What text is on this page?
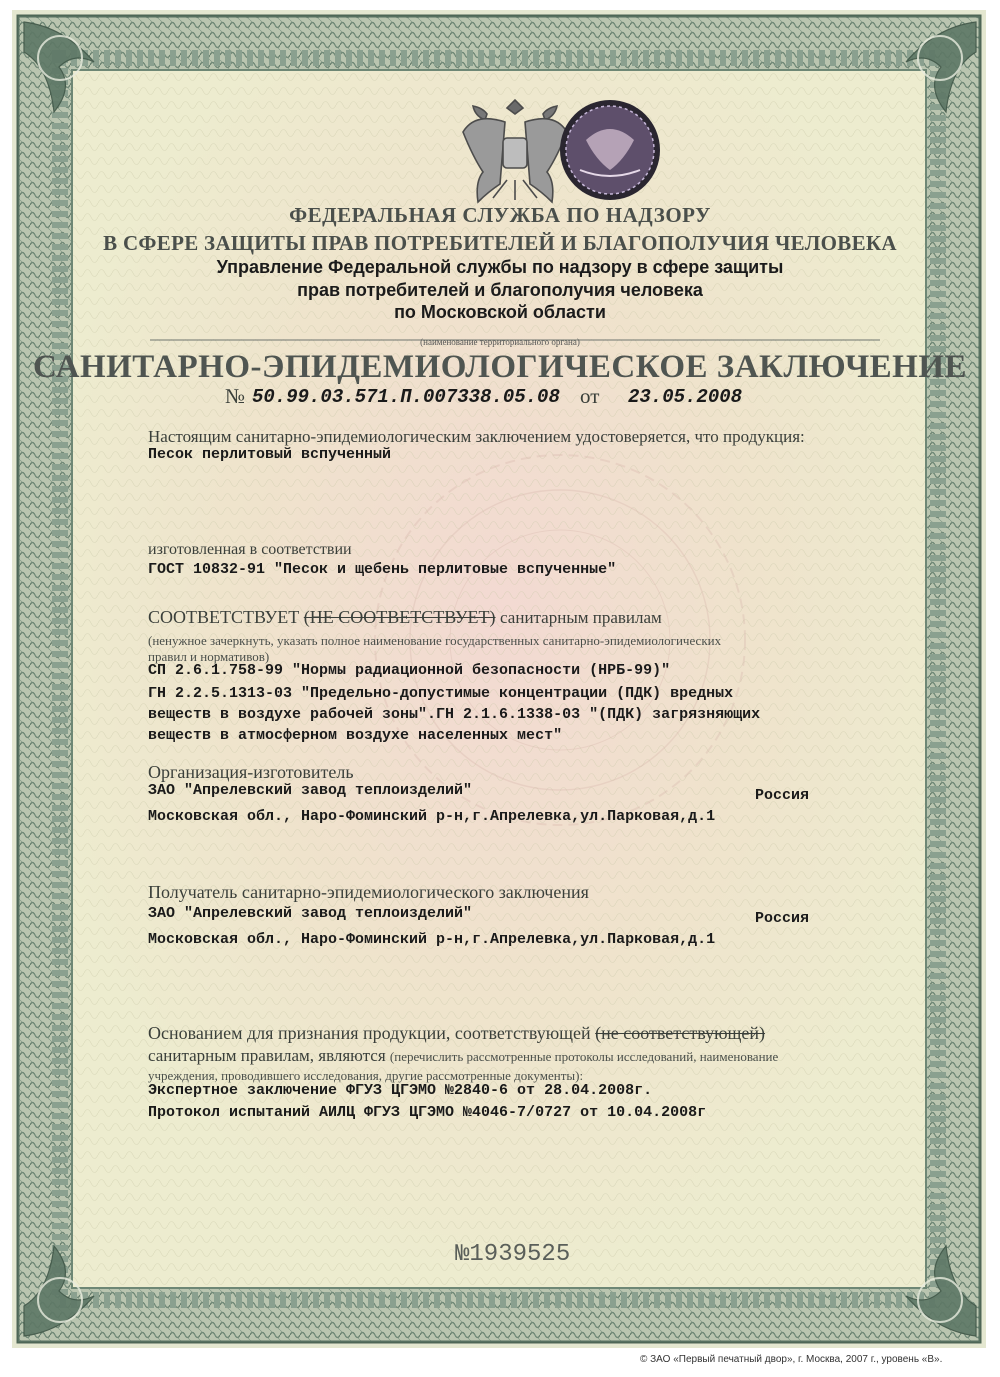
ФЕДЕРАЛЬНАЯ СЛУЖБА ПО НАДЗОРУ

В СФЕРЕ ЗАЩИТЫ ПРАВ ПОТРЕБИТЕЛЕЙ И БЛАГОПОЛУЧИЯ ЧЕЛОВЕКА

Управление Федеральной службы по надзору в сфере защиты

прав потребителей и благополучия человека

по Московской области

(наименование территориального органа)

САНИТАРНО-ЭПИДЕМИОЛОГИЧЕСКОЕ ЗАКЛЮЧЕНИЕ

№ 50.99.03.571.П.007338.05.08 от 23.05.2008

Настоящим санитарно-эпидемиологическим заключением удостоверяется, что продукция:

Песок перлитовый вспученный

изготовленная в соответствии

ГОСТ 10832-91 "Песок и щебень перлитовые вспученные"

СООТВЕТСТВУЕТ (НЕ СООТВЕТСТВУЕТ) санитарным правилам

(ненужное зачеркнуть, указать полное наименование государственных санитарно-эпидемиологических

правил и нормативов)

СП 2.6.1.758-99 "Нормы радиационной безопасности (НРБ-99)"

ГН 2.2.5.1313-03 "Предельно-допустимые концентрации (ПДК) вредных

веществ в воздухе рабочей зоны".ГН 2.1.6.1338-03 "(ПДК) загрязняющих

веществ в атмосферном воздухе населенных мест"

Организация-изготовитель

ЗАО "Апрелевский завод теплоизделий"	Россия

Московская обл., Наро-Фоминский р-н,г.Апрелевка,ул.Парковая,д.1

Получатель санитарно-эпидемиологического заключения

ЗАО "Апрелевский завод теплоизделий"	Россия

Московская обл., Наро-Фоминский р-н,г.Апрелевка,ул.Парковая,д.1

Основанием для признания продукции, соответствующей (не соответствующей)

санитарным правилам, являются (перечислить рассмотренные протоколы исследований, наименование

учреждения, проводившего исследования, другие рассмотренные документы):

Экспертное заключение ФГУЗ ЦГЭМО №2840-6 от 28.04.2008г.

Протокол испытаний АИЛЦ ФГУЗ ЦГЭМО №4046-7/0727 от 10.04.2008г

№1939525

© ЗАО «Первый печатный двор», г. Москва, 2007 г., уровень «В».
